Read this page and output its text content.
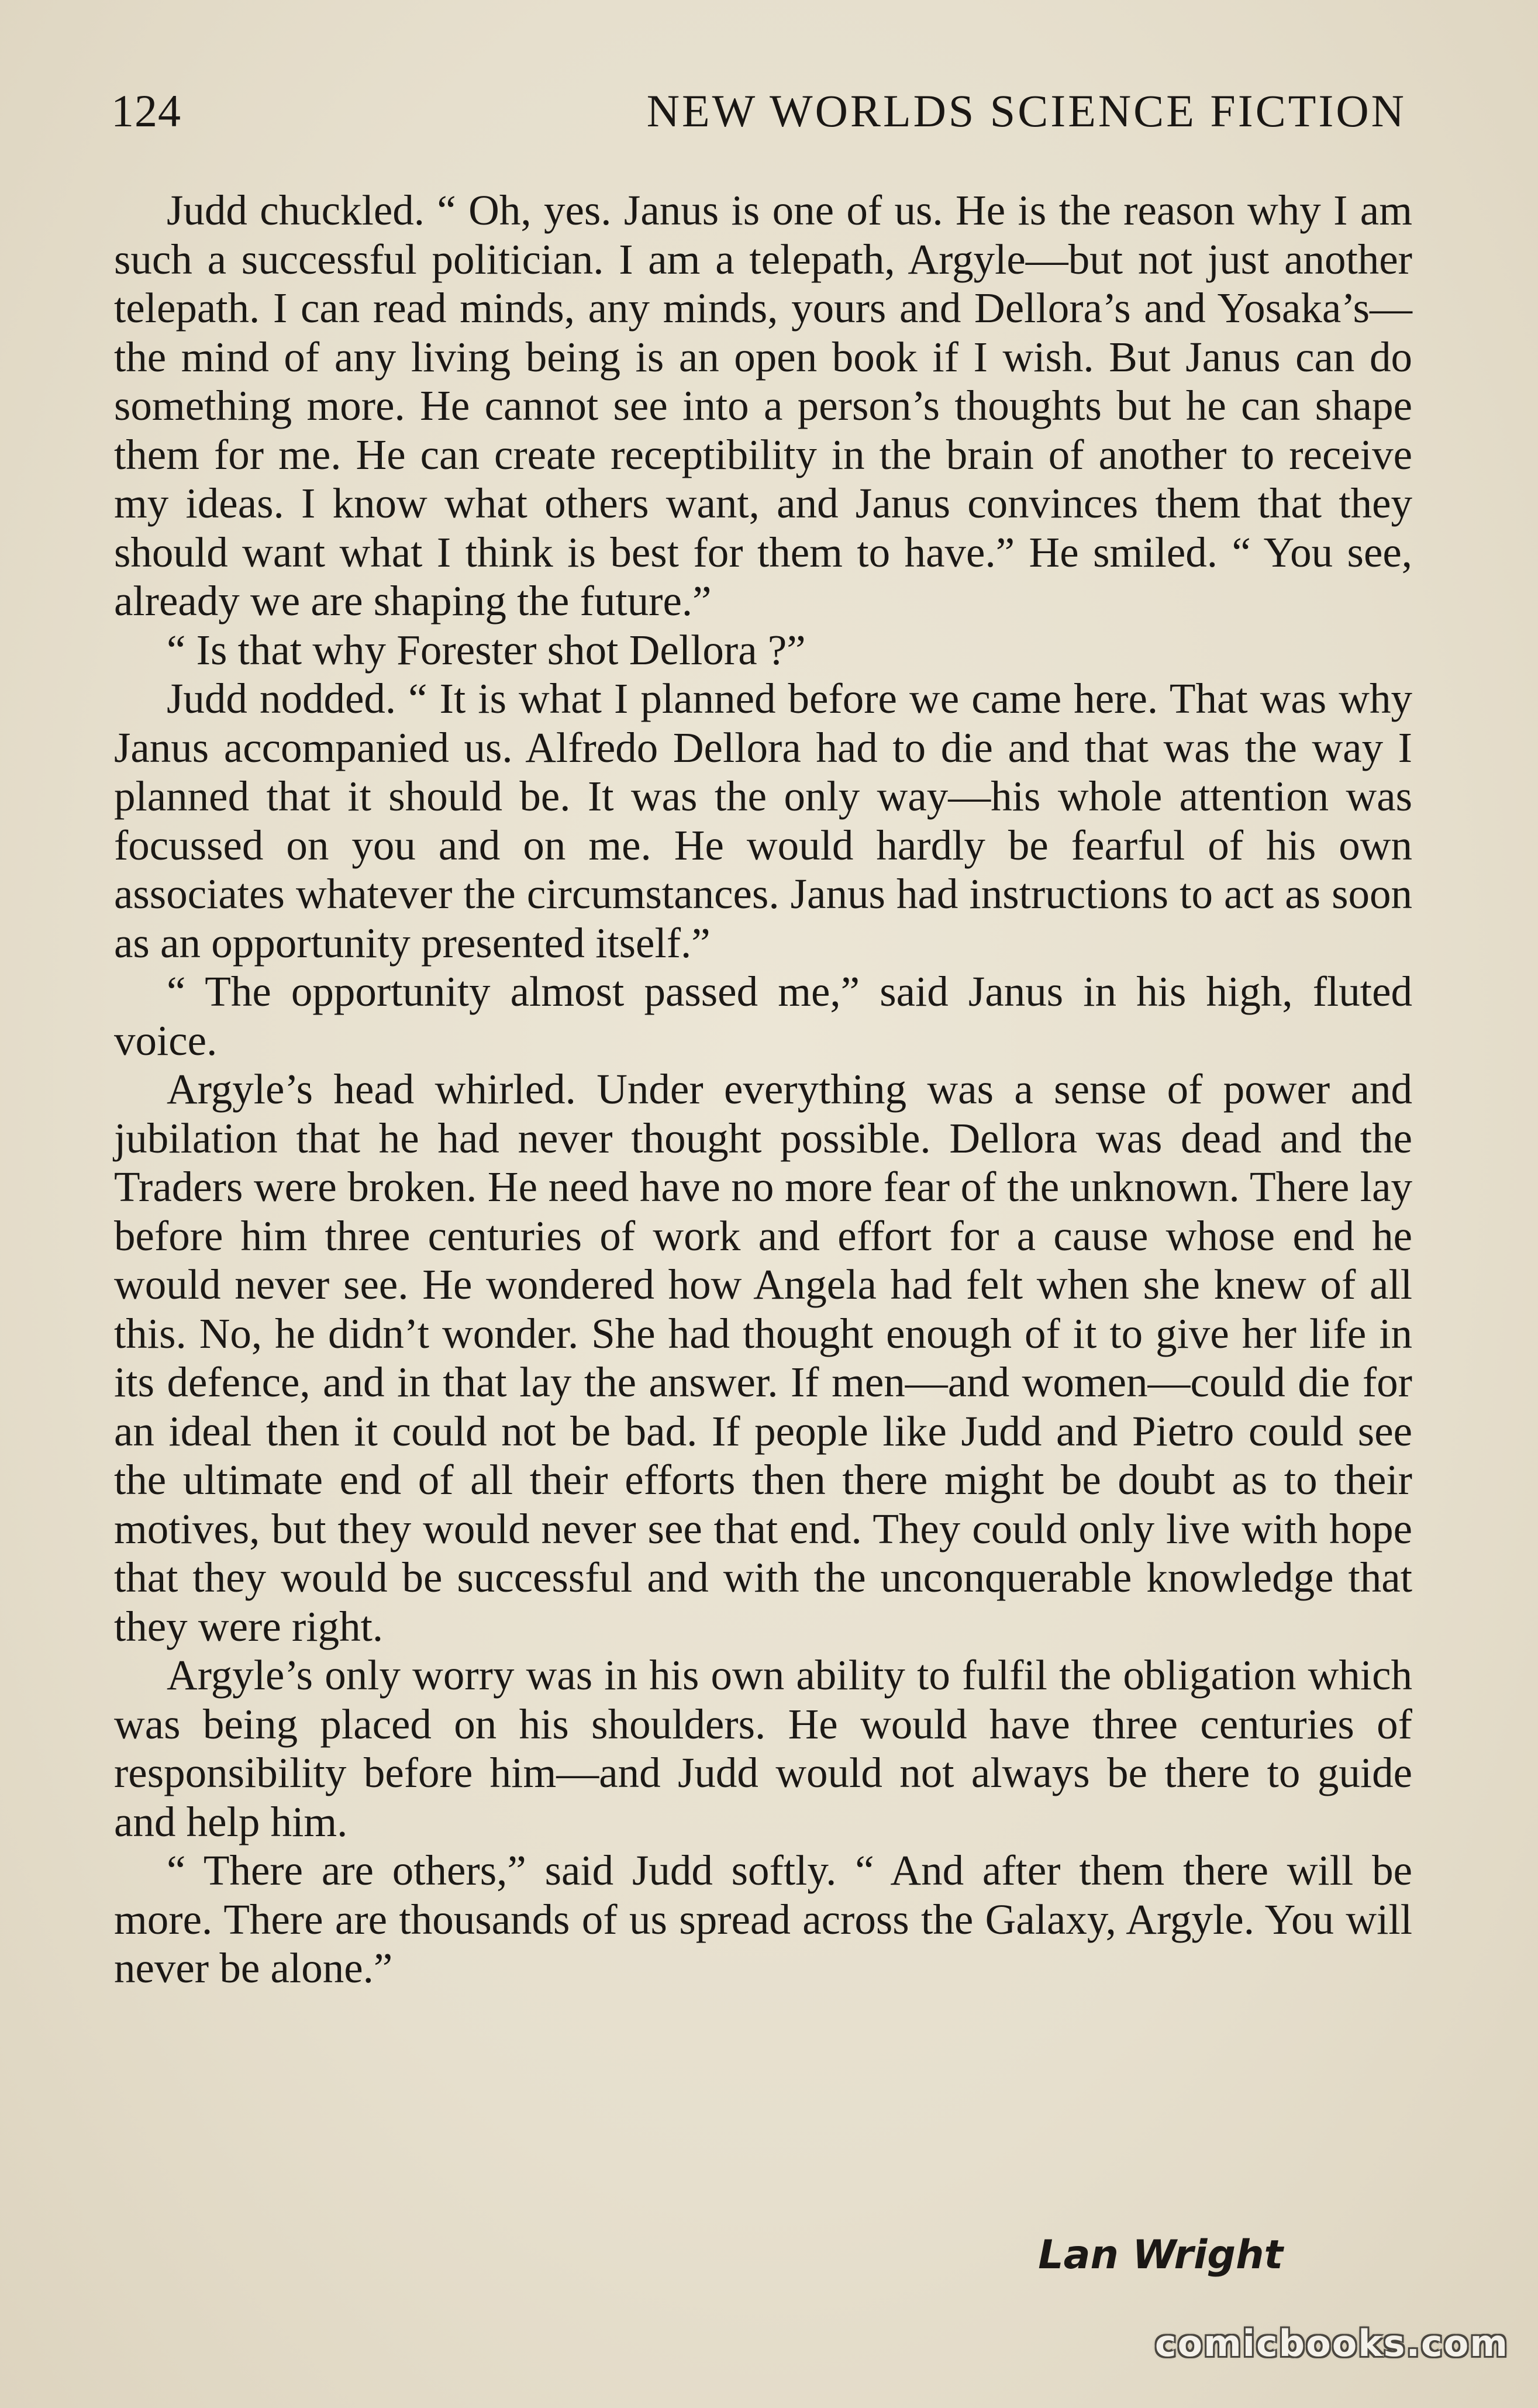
124	NEW WORLDS SCIENCE FICTION

Judd chuckled. “ Oh, yes. Janus is one of us. He is the reason why I am such a successful politician. I am a telepath, Argyle—but not just another telepath. I can read minds, any minds, yours and Dellora’s and Yosaka’s—the mind of any living being is an open book if I wish. But Janus can do something more. He cannot see into a person’s thoughts but he can shape them for me. He can create receptibility in the brain of another to receive my ideas. I know what others want, and Janus convinces them that they should want what I think is best for them to have.” He smiled. “ You see, already we are shaping the future.”

“ Is that why Forester shot Dellora ?”

Judd nodded. “ It is what I planned before we came here. That was why Janus accompanied us. Alfredo Dellora had to die and that was the way I planned that it should be. It was the only way—his whole attention was focussed on you and on me. He would hardly be fearful of his own associates whatever the circumstances. Janus had instructions to act as soon as an opportunity presented itself.”

“ The opportunity almost passed me,” said Janus in his high, fluted voice.

Argyle’s head whirled. Under everything was a sense of power and jubilation that he had never thought possible. Dellora was dead and the Traders were broken. He need have no more fear of the unknown. There lay before him three centuries of work and effort for a cause whose end he would never see. He wondered how Angela had felt when she knew of all this. No, he didn’t wonder. She had thought enough of it to give her life in its defence, and in that lay the answer. If men—and women—could die for an ideal then it could not be bad. If people like Judd and Pietro could see the ultimate end of all their efforts then there might be doubt as to their motives, but they would never see that end. They could only live with hope that they would be successful and with the unconquerable knowledge that they were right.

Argyle’s only worry was in his own ability to fulfil the obligation which was being placed on his shoulders. He would have three centuries of responsibility before him—and Judd would not always be there to guide and help him.

“ There are others,” said Judd softly. “ And after them there will be more. There are thousands of us spread across the Galaxy, Argyle. You will never be alone.”

Lan Wright
comicbooks.com
